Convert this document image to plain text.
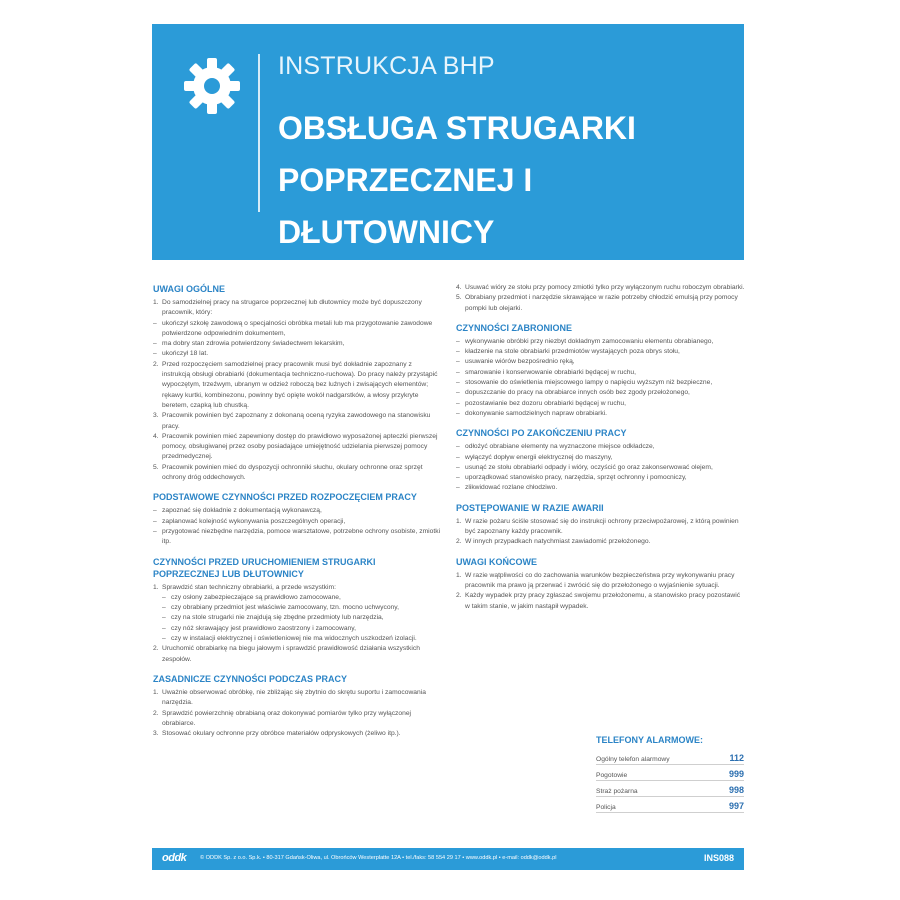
INSTRUKCJA BHP
OBSŁUGA STRUGARKI POPRZECZNEJ I DŁUTOWNICY
UWAGI OGÓLNE
1. Do samodzielnej pracy na strugarce poprzecznej lub dłutownicy może być dopuszczony pracownik, który:
– ukończył szkołę zawodową o specjalności obróbka metali lub ma przygotowanie zawodowe potwierdzone odpowiednim dokumentem,
– ma dobry stan zdrowia potwierdzony świadectwem lekarskim,
– ukończył 18 lat.
2. Przed rozpoczęciem samodzielnej pracy pracownik musi być dokładnie zapoznany z instrukcją obsługi obrabiarki (dokumentacja techniczno-ruchowa). Do pracy należy przystąpić wypoczętym, trzeźwym, ubranym w odzież roboczą bez luźnych i zwisających elementów; rękawy kurtki, kombinezonu, powinny być opięte wokół nadgarstków, a włosy przykryte beretem, czapką lub chustką.
3. Pracownik powinien być zapoznany z dokonaną oceną ryzyka zawodowego na stanowisku pracy.
4. Pracownik powinien mieć zapewniony dostęp do prawidłowo wyposażonej apteczki pierwszej pomocy, obsługiwanej przez osoby posiadające umiejętność udzielania pierwszej pomocy przedmedycznej.
5. Pracownik powinien mieć do dyspozycji ochronniki słuchu, okulary ochronne oraz sprzęt ochrony dróg oddechowych.
PODSTAWOWE CZYNNOŚCI PRZED ROZPOCZĘCIEM PRACY
– zapoznać się dokładnie z dokumentacją wykonawczą,
– zaplanować kolejność wykonywania poszczególnych operacji,
– przygotować niezbędne narzędzia, pomoce warsztatowe, potrzebne ochrony osobiste, zmiotki itp.
CZYNNOŚCI PRZED URUCHOMIENIEM STRUGARKI POPRZECZNEJ LUB DŁUTOWNICY
1. Sprawdzić stan techniczny obrabiarki, a przede wszystkim:
– czy osłony zabezpieczające są prawidłowo zamocowane,
– czy obrabiany przedmiot jest właściwie zamocowany, tzn. mocno uchwycony,
– czy na stole strugarki nie znajdują się zbędne przedmioty lub narzędzia,
– czy nóż skrawający jest prawidłowo zaostrzony i zamocowany,
– czy w instalacji elektrycznej i oświetleniowej nie ma widocznych uszkodzeń izolacji.
2. Uruchomić obrabiarkę na biegu jałowym i sprawdzić prawidłowość działania wszystkich zespołów.
ZASADNICZE CZYNNOŚCI PODCZAS PRACY
1. Uważnie obserwować obróbkę, nie zbliżając się zbytnio do skrętu suportu i zamocowania narzędzia.
2. Sprawdzić powierzchnię obrabianą oraz dokonywać pomiarów tylko przy wyłączonej obrabiarce.
3. Stosować okulary ochronne przy obróbce materiałów odpryskowych (żeliwo itp.).
4. Usuwać wióry ze stołu przy pomocy zmiotki tylko przy wyłączonym ruchu roboczym obrabiarki.
5. Obrabiany przedmiot i narzędzie skrawające w razie potrzeby chłodzić emulsją przy pomocy pompki lub olejarki.
CZYNNOŚCI ZABRONIONE
– wykonywanie obróbki przy niezbyt dokładnym zamocowaniu elementu obrabianego,
– kładzenie na stole obrabiarki przedmiotów wystających poza obrys stołu,
– usuwanie wiórów bezpośrednio ręką,
– smarowanie i konserwowanie obrabiarki będącej w ruchu,
– stosowanie do oświetlenia miejscowego lampy o napięciu wyższym niż bezpieczne,
– dopuszczanie do pracy na obrabiarce innych osób bez zgody przełożonego,
– pozostawianie bez dozoru obrabiarki będącej w ruchu,
– dokonywanie samodzielnych napraw obrabiarki.
CZYNNOŚCI PO ZAKOŃCZENIU PRACY
– odłożyć obrabiane elementy na wyznaczone miejsce odkładcze,
– wyłączyć dopływ energii elektrycznej do maszyny,
– usunąć ze stołu obrabiarki odpady i wióry, oczyścić go oraz zakonserwować olejem,
– uporządkować stanowisko pracy, narzędzia, sprzęt ochronny i pomocniczy,
– zlikwidować rozlane chłodziwo.
POSTĘPOWANIE W RAZIE AWARII
1. W razie pożaru ściśle stosować się do instrukcji ochrony przeciwpożarowej, z którą powinien być zapoznany każdy pracownik.
2. W innych przypadkach natychmiast zawiadomić przełożonego.
UWAGI KOŃCOWE
1. W razie wątpliwości co do zachowania warunków bezpieczeństwa przy wykonywaniu pracy pracownik ma prawo ją przerwać i zwrócić się do przełożonego o wyjaśnienie sytuacji.
2. Każdy wypadek przy pracy zgłaszać swojemu przełożonemu, a stanowisko pracy pozostawić w takim stanie, w jakim nastąpił wypadek.
TELEFONY ALARMOWE:
Ogólny telefon alarmowy	112
Pogotowie	999
Straż pożarna	998
Policja	997
oddk © ODDK Sp. z o.o. Sp.k. • 80-317 Gdańsk-Oliwa, ul. Obrońców Westerplatte 12A • tel./faks: 58 554 29 17 • www.oddk.pl • e-mail: oddk@oddk.pl	INS088
